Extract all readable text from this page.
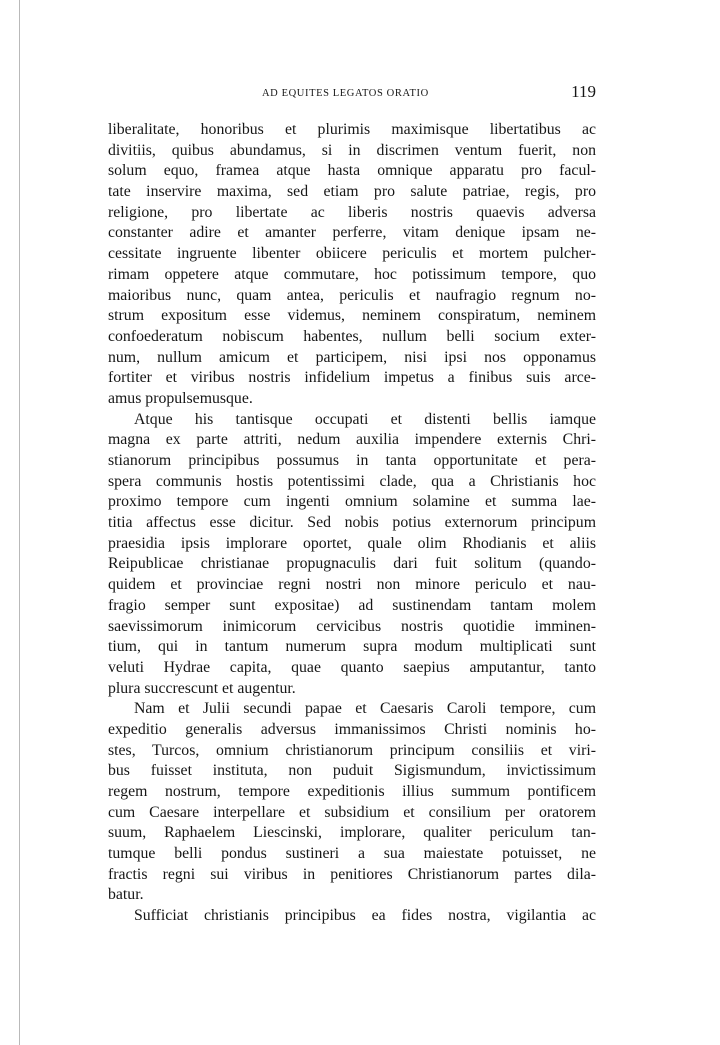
AD EQUITES LEGATOS ORATIO	119
liberalitate, honoribus et plurimis maximisque libertatibus ac
divitiis, quibus abundamus, si in discrimen ventum fuerit, non
solum equo, framea atque hasta omnique apparatu pro facul-
tate inservire maxima, sed etiam pro salute patriae, regis, pro
religione, pro libertate ac liberis nostris quaevis adversa
constanter adire et amanter perferre, vitam denique ipsam ne-
cessitate ingruente libenter obiicere periculis et mortem pulcher-
rimam oppetere atque commutare, hoc potissimum tempore, quo
maioribus nunc, quam antea, periculis et naufragio regnum no-
strum expositum esse videmus, neminem conspiratum, neminem
confoederatum nobiscum habentes, nullum belli socium exter-
num, nullum amicum et participem, nisi ipsi nos opponamus
fortiter et viribus nostris infidelium impetus a finibus suis arce-
amus propulsemusque.
Atque his tantisque occupati et distenti bellis iamque
magna ex parte attriti, nedum auxilia impendere externis Chri-
stianorum principibus possumus in tanta opportunitate et pera-
spera communis hostis potentissimi clade, qua a Christianis hoc
proximo tempore cum ingenti omnium solamine et summa lae-
titia affectus esse dicitur. Sed nobis potius externorum principum
praesidia ipsis implorare oportet, quale olim Rhodianis et aliis
Reipublicae christianae propugnaculis dari fuit solitum (quando-
quidem et provinciae regni nostri non minore periculo et nau-
fragio semper sunt expositae) ad sustinendam tantam molem
saevissimorum inimicorum cervicibus nostris quotidie imminen-
tium, qui in tantum numerum supra modum multiplicati sunt
veluti Hydrae capita, quae quanto saepius amputantur, tanto
plura succrescunt et augentur.
Nam et Julii secundi papae et Caesaris Caroli tempore, cum
expeditio generalis adversus immanissimos Christi nominis ho-
stes, Turcos, omnium christianorum principum consiliis et viri-
bus fuisset instituta, non puduit Sigismundum, invictissimum
regem nostrum, tempore expeditionis illius summum pontificem
cum Caesare interpellare et subsidium et consilium per oratorem
suum, Raphaelem Liescinski, implorare, qualiter periculum tan-
tumque belli pondus sustineri a sua maiestate potuisset, ne
fractis regni sui viribus in penitiores Christianorum partes dila-
batur.
Sufficiat christianis principibus ea fides nostra, vigilantia ac
